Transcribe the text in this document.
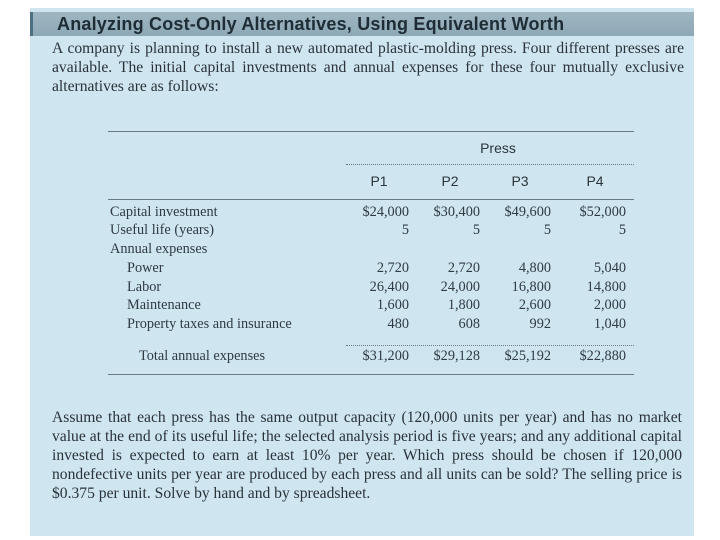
Analyzing Cost-Only Alternatives, Using Equivalent Worth
A company is planning to install a new automated plastic-molding press. Four different presses are available. The initial capital investments and annual expenses for these four mutually exclusive alternatives are as follows:
Press
P1	P2	P3	P4
Capital investment	$24,000	$30,400	$49,600	$52,000
Useful life (years)	5	5	5	5
Annual expenses
Power	2,720	2,720	4,800	5,040
Labor	26,400	24,000	16,800	14,800
Maintenance	1,600	1,800	2,600	2,000
Property taxes and insurance	480	608	992	1,040
Total annual expenses	$31,200	$29,128	$25,192	$22,880
Assume that each press has the same output capacity (120,000 units per year) and has no market value at the end of its useful life; the selected analysis period is five years; and any additional capital invested is expected to earn at least 10% per year. Which press should be chosen if 120,000 nondefective units per year are produced by each press and all units can be sold? The selling price is $0.375 per unit. Solve by hand and by spreadsheet.
